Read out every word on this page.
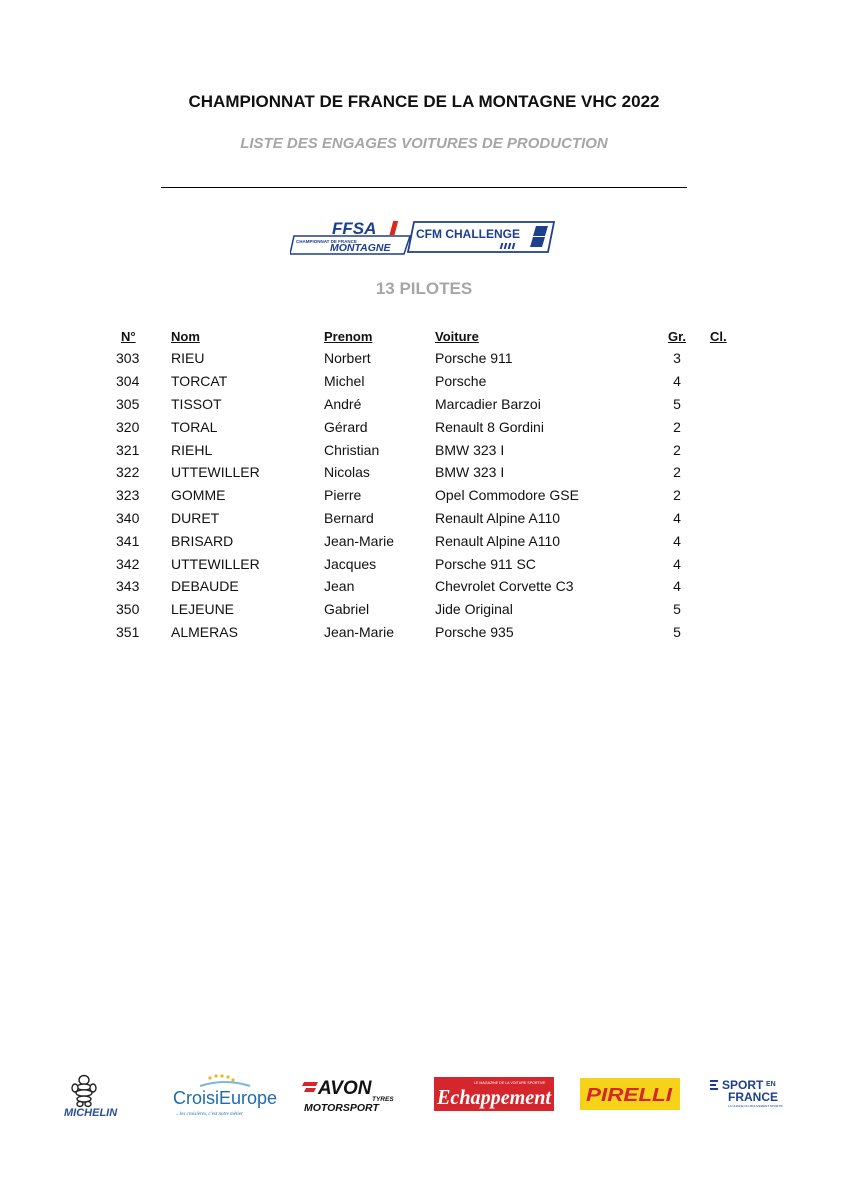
CHAMPIONNAT DE FRANCE DE LA MONTAGNE VHC 2022
LISTE DES ENGAGES VOITURES DE PRODUCTION
FFSA
CHAMPIONNAT DE FRANCE
MONTAGNE
CFM CHALLENGE
13 PILOTES
N°	Nom	Prenom	Voiture	Gr.	Cl.
303	RIEU	Norbert	Porsche 911	3	
304	TORCAT	Michel	Porsche	4	
305	TISSOT	André	Marcadier Barzoi	5	
320	TORAL	Gérard	Renault 8 Gordini	2	
321	RIEHL	Christian	BMW 323 I	2	
322	UTTEWILLER	Nicolas	BMW 323 I	2	
323	GOMME	Pierre	Opel Commodore GSE	2	
340	DURET	Bernard	Renault Alpine A110	4	
341	BRISARD	Jean-Marie	Renault Alpine A110	4	
342	UTTEWILLER	Jacques	Porsche 911 SC	4	
343	DEBAUDE	Jean	Chevrolet Corvette C3	4	
350	LEJEUNE	Gabriel	Jide Original	5	
351	ALMERAS	Jean-Marie	Porsche 935	5	
MICHELIN
CroisiEurope
...les croisières, c'est notre métier
AVON
TYRES
MOTORSPORT
LE MAGAZINE DE LA VOITURE SPORTIVE
Echappement PIRELLI	SPORT EN
FRANCE
LA CHAINE DU MOUVEMENT SPORTIF
